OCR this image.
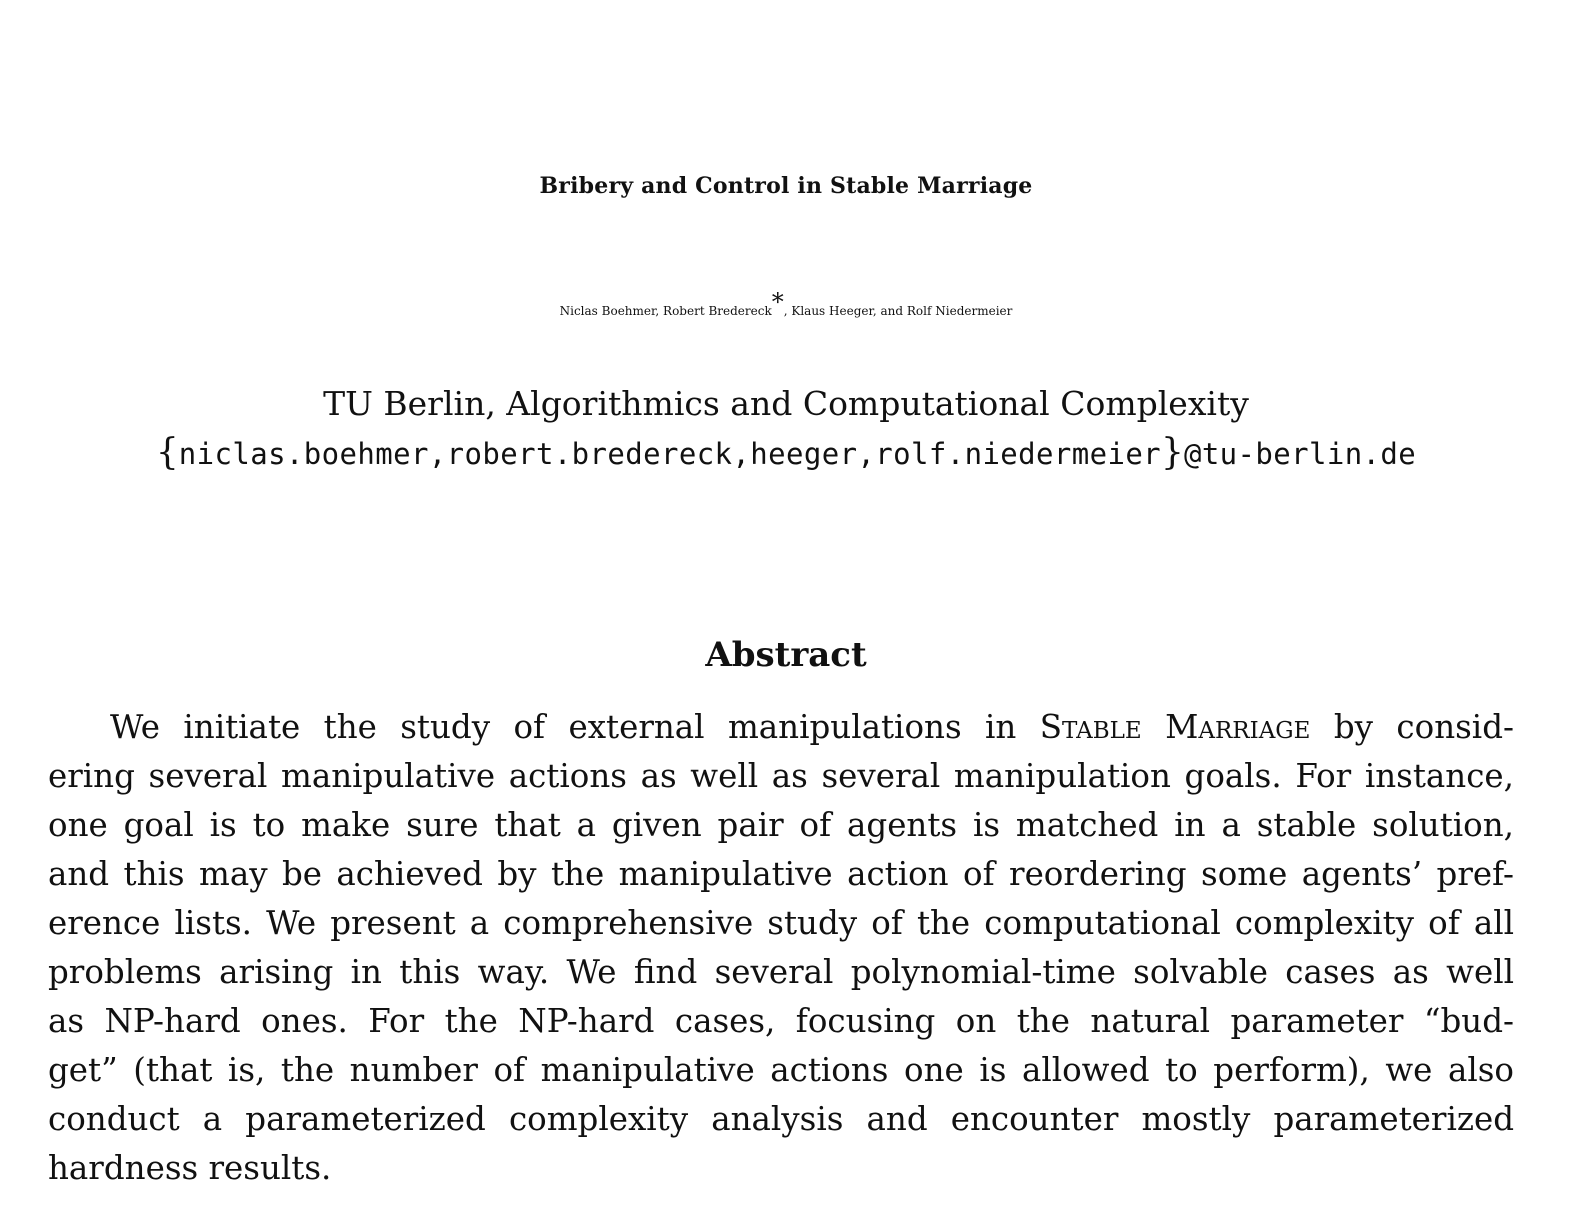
Bribery and Control in Stable Marriage
Niclas Boehmer, Robert Bredereck*, Klaus Heeger, and Rolf Niedermeier
TU Berlin, Algorithmics and Computational Complexity
{niclas.boehmer,robert.bredereck,heeger,rolf.niedermeier}@tu-berlin.de
Abstract
We initiate the study of external manipulations in Stable Marriage by consid-
ering several manipulative actions as well as several manipulation goals. For instance,
one goal is to make sure that a given pair of agents is matched in a stable solution,
and this may be achieved by the manipulative action of reordering some agents’ pref-
erence lists. We present a comprehensive study of the computational complexity of all
problems arising in this way. We find several polynomial-time solvable cases as well
as NP-hard ones. For the NP-hard cases, focusing on the natural parameter “bud-
get” (that is, the number of manipulative actions one is allowed to perform), we also
conduct a parameterized complexity analysis and encounter mostly parameterized
hardness results.
